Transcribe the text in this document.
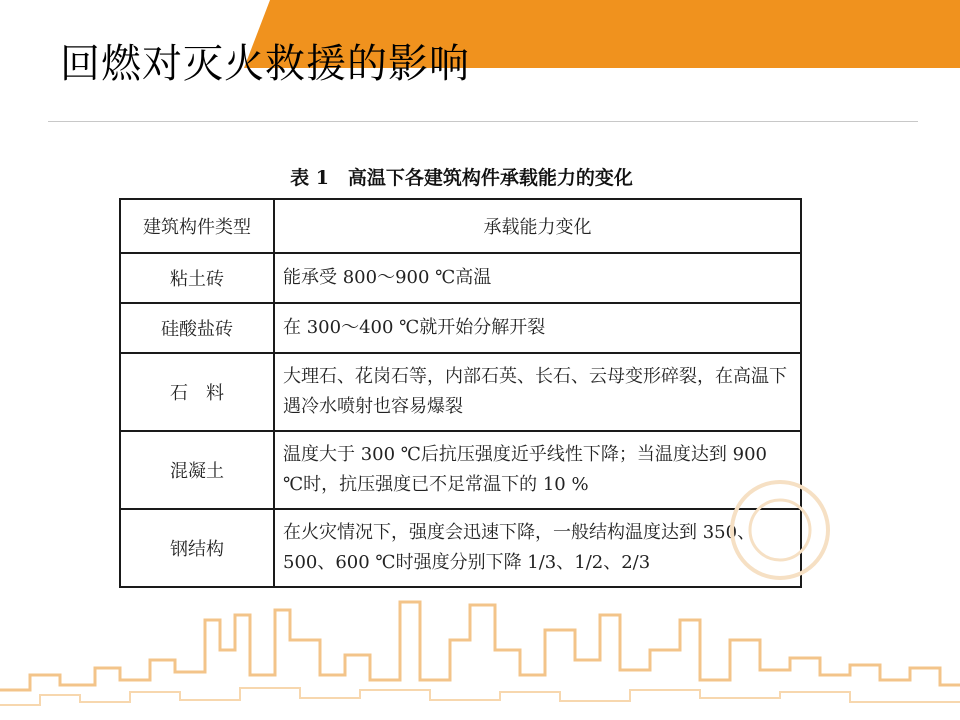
回燃对灭火救援的影响
表 1　高温下各建筑构件承载能力的变化
建筑构件类型	承载能力变化
粘土砖	能承受 800～900 ℃高温
硅酸盐砖	在 300～400 ℃就开始分解开裂
石　料	大理石、花岗石等，内部石英、长石、云母变形碎裂，在高温下遇冷水喷射也容易爆裂
混凝土	温度大于 300 ℃后抗压强度近乎线性下降；当温度达到 900 ℃时，抗压强度已不足常温下的 10 %
钢结构	在火灾情况下，强度会迅速下降，一般结构温度达到 350、500、600 ℃时强度分别下降 1/3、1/2、2/3
